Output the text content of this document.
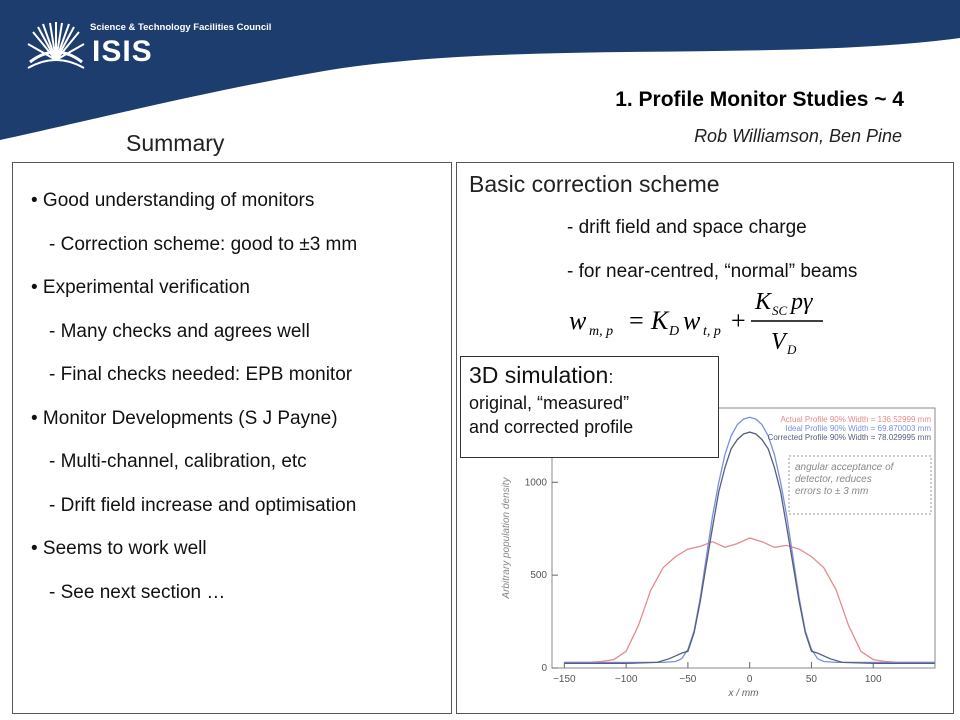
Science & Technology Facilities Council
ISIS
1. Profile Monitor Studies ~ 4
Rob Williamson, Ben Pine
Summary
• Good understanding of monitors
- Correction scheme: good to ±3 mm
• Experimental verification
- Many checks and agrees well
- Final checks needed: EPB monitor
• Monitor Developments (S J Payne)
- Multi-channel, calibration, etc
- Drift field increase and optimisation
• Seems to work well
- See next section …
Basic correction scheme
- drift field and space charge
- for near-centred, “normal” beams
w m, p = K D w t, p +
K SC pγ
V D
−150	−100	−50	0	50	100
0
500
1000
x / mm
Arbitrary population density
Actual Profile 90% Width = 136.52999 mm
Ideal Profile 90% Width = 69.870003 mm
Corrected Profile 90% Width = 78.029995 mm
angular acceptance of
detector, reduces
errors to ± 3 mm
3D simulation:
original, “measured”
and corrected profile
